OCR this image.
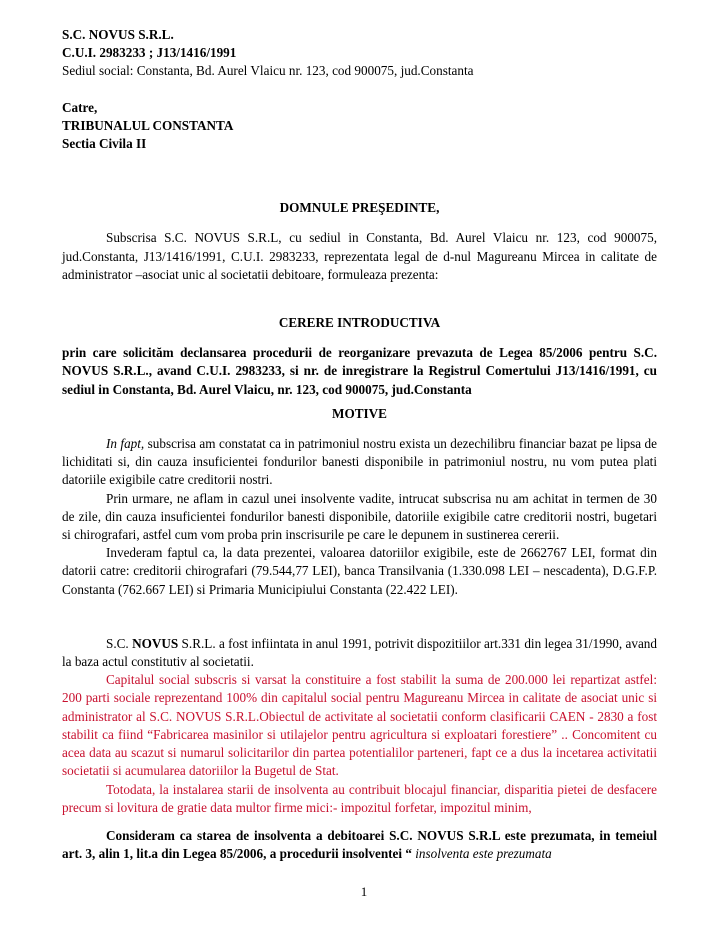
S.C. NOVUS S.R.L.
C.U.I. 2983233 ; J13/1416/1991
Sediul social: Constanta, Bd. Aurel Vlaicu nr. 123, cod 900075, jud.Constanta
Catre,
TRIBUNALUL CONSTANTA
Sectia Civila II

DOMNULE PREŞEDINTE,

Subscrisa S.C. NOVUS S.R.L, cu sediul in Constanta, Bd. Aurel Vlaicu nr. 123, cod 900075, jud.Constanta, J13/1416/1991, C.U.I. 2983233, reprezentata legal de d-nul Magureanu Mircea in calitate de administrator –asociat unic al societatii debitoare, formuleaza prezenta:

CERERE INTRODUCTIVA

prin care solicităm declansarea procedurii de reorganizare prevazuta de Legea 85/2006 pentru S.C. NOVUS S.R.L., avand C.U.I. 2983233, si nr. de inregistrare la Registrul Comertului J13/1416/1991, cu sediul in Constanta, Bd. Aurel Vlaicu, nr. 123, cod 900075, jud.Constanta

MOTIVE

In fapt, subscrisa am constatat ca in patrimoniul nostru exista un dezechilibru financiar bazat pe lipsa de lichiditati si, din cauza insuficientei fondurilor banesti disponibile in patrimoniul nostru, nu vom putea plati datoriile exigibile catre creditorii nostri.

Prin urmare, ne aflam in cazul unei insolvente vadite, intrucat subscrisa nu am achitat in termen de 30 de zile, din cauza insuficientei fondurilor banesti disponibile, datoriile exigibile catre creditorii nostri, bugetari si chirografari, astfel cum vom proba prin inscrisurile pe care le depunem in sustinerea cererii.

Invederam faptul ca, la data prezentei, valoarea datoriilor exigibile, este de 2662767 LEI, format din datorii catre: creditorii chirografari (79.544,77 LEI), banca Transilvania (1.330.098 LEI – nescadenta), D.G.F.P. Constanta (762.667 LEI) si Primaria Municipiului Constanta (22.422 LEI).

S.C. NOVUS S.R.L. a fost infiintata in anul 1991, potrivit dispozitiilor art.331 din legea 31/1990, avand la baza actul constitutiv al societatii.

Capitalul social subscris si varsat la constituire a fost stabilit la suma de 200.000 lei repartizat astfel: 200 parti sociale reprezentand 100% din capitalul social pentru Magureanu Mircea in calitate de asociat unic si administrator al S.C. NOVUS S.R.L.Obiectul de activitate al societatii conform clasificarii CAEN - 2830 a fost stabilit ca fiind “Fabricarea masinilor si utilajelor pentru agricultura si exploatari forestiere” .. Concomitent cu acea data au scazut si numarul solicitarilor din partea potentialilor parteneri, fapt ce a dus la incetarea activitatii societatii si acumularea datoriilor la Bugetul de Stat.

Totodata, la instalarea starii de insolventa au contribuit blocajul financiar, disparitia pietei de desfacere precum si lovitura de gratie data multor firme mici:- impozitul forfetar, impozitul minim,

Consideram ca starea de insolventa a debitoarei S.C. NOVUS S.R.L este prezumata, in temeiul art. 3, alin 1, lit.a din Legea 85/2006, a procedurii insolventei “ insolventa este prezumata

1
